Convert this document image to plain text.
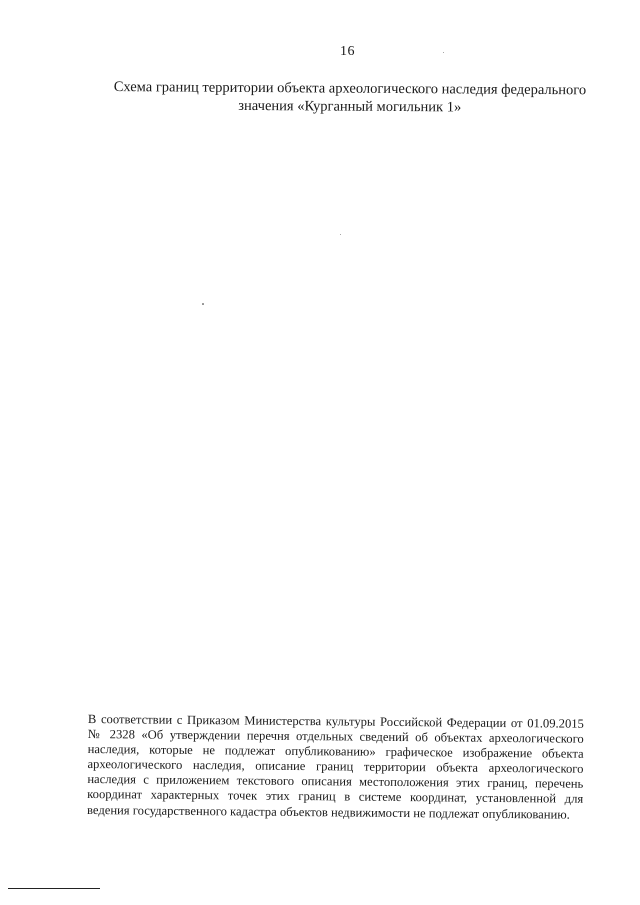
16
Схема границ территории объекта археологического наследия федерального
значения «Курганный могильник 1»
В соответствии с Приказом Министерства культуры Российской Федерации от 01.09.2015
№ 2328 «Об утверждении перечня отдельных сведений об объектах археологического
наследия, которые не подлежат опубликованию» графическое изображение объекта
археологического наследия, описание границ территории объекта археологического
наследия с приложением текстового описания местоположения этих границ, перечень
координат характерных точек этих границ в системе координат, установленной для
ведения государственного кадастра объектов недвижимости не подлежат опубликованию.
